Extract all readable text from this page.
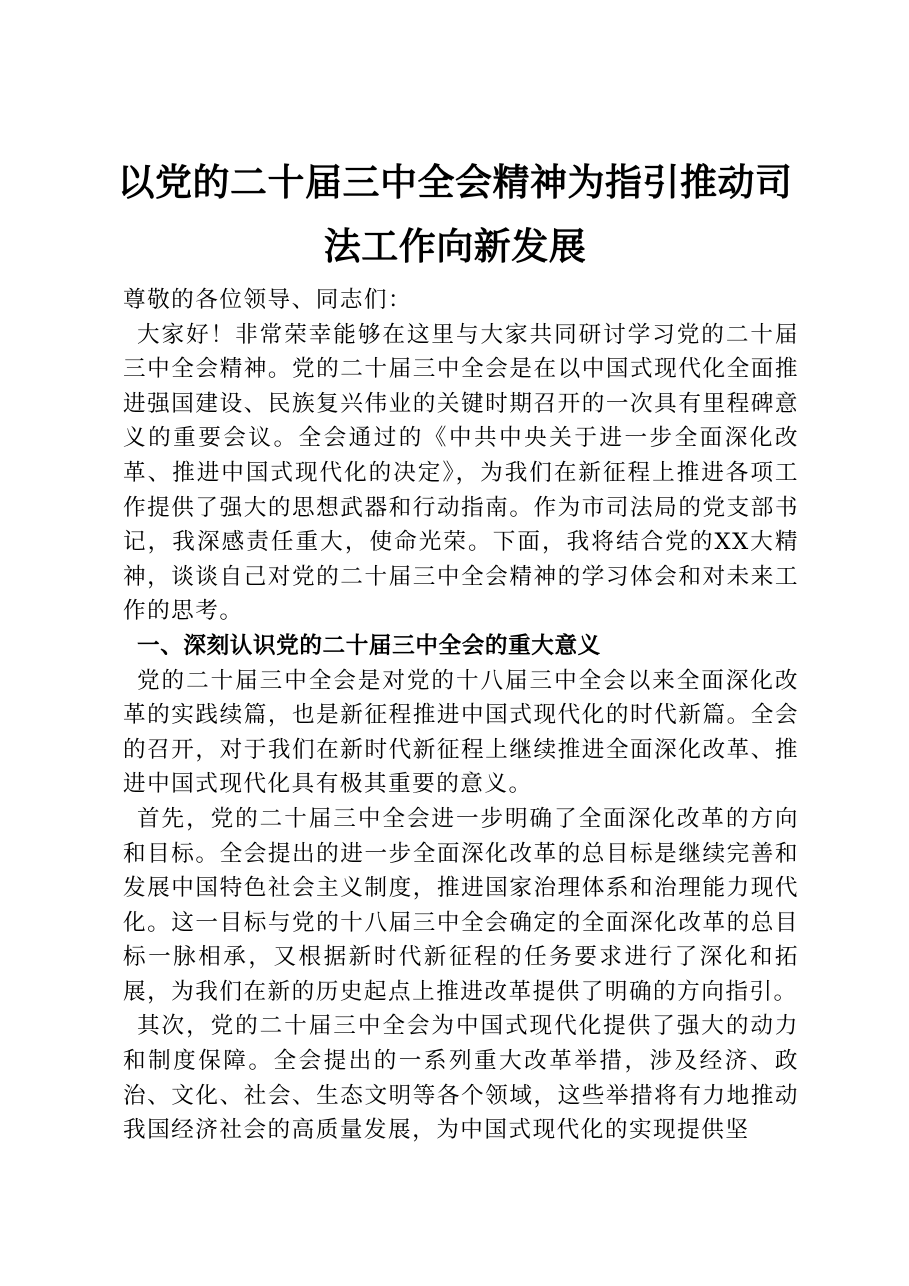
以党的二十届三中全会精神为指引推动司法工作向新发展

尊敬的各位领导、同志们：

大家好！非常荣幸能够在这里与大家共同研讨学习党的二十届三中全会精神。党的二十届三中全会是在以中国式现代化全面推进强国建设、民族复兴伟业的关键时期召开的一次具有里程碑意义的重要会议。全会通过的《中共中央关于进一步全面深化改革、推进中国式现代化的决定》，为我们在新征程上推进各项工作提供了强大的思想武器和行动指南。作为市司法局的党支部书记，我深感责任重大，使命光荣。下面，我将结合党的XX大精神，谈谈自己对党的二十届三中全会精神的学习体会和对未来工作的思考。

一、深刻认识党的二十届三中全会的重大意义

党的二十届三中全会是对党的十八届三中全会以来全面深化改革的实践续篇，也是新征程推进中国式现代化的时代新篇。全会的召开，对于我们在新时代新征程上继续推进全面深化改革、推进中国式现代化具有极其重要的意义。

首先，党的二十届三中全会进一步明确了全面深化改革的方向和目标。全会提出的进一步全面深化改革的总目标是继续完善和发展中国特色社会主义制度，推进国家治理体系和治理能力现代化。这一目标与党的十八届三中全会确定的全面深化改革的总目标一脉相承，又根据新时代新征程的任务要求进行了深化和拓展，为我们在新的历史起点上推进改革提供了明确的方向指引。

其次，党的二十届三中全会为中国式现代化提供了强大的动力和制度保障。全会提出的一系列重大改革举措，涉及经济、政治、文化、社会、生态文明等各个领域，这些举措将有力地推动我国经济社会的高质量发展，为中国式现代化的实现提供坚
